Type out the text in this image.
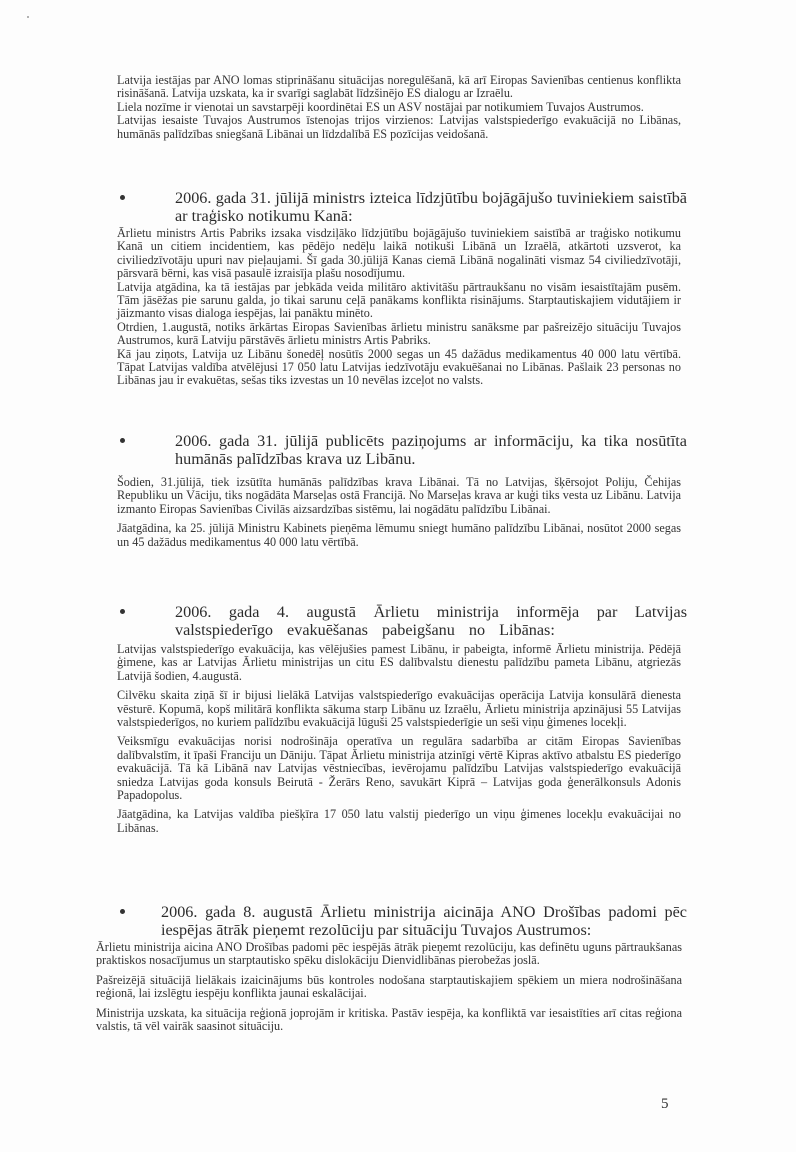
Latvija iestājas par ANO lomas stiprināšanu situācijas noregulēšanā, kā arī Eiropas Savienības centienus konflikta risināšanā. Latvija uzskata, ka ir svarīgi saglabāt līdzšinējo ES dialogu ar Izraēlu.

Liela nozīme ir vienotai un savstarpēji koordinētai ES un ASV nostājai par notikumiem Tuvajos Austrumos.

Latvijas iesaiste Tuvajos Austrumos īstenojas trijos virzienos: Latvijas valstspiederīgo evakuācijā no Libānas, humānās palīdzības sniegšanā Libānai un līdzdalībā ES pozīcijas veidošanā.

2006. gada 31. jūlijā ministrs izteica līdzjūtību bojāgājušo tuviniekiem saistībā ar traģisko notikumu Kanā:

Ārlietu ministrs Artis Pabriks izsaka visdziļāko līdzjūtību bojāgājušo tuviniekiem saistībā ar traģisko notikumu Kanā un citiem incidentiem, kas pēdējo nedēļu laikā notikuši Libānā un Izraēlā, atkārtoti uzsverot, ka civiliedzīvotāju upuri nav pieļaujami. Šī gada 30.jūlijā Kanas ciemā Libānā nogalināti vismaz 54 civiliedzīvotāji, pārsvarā bērni, kas visā pasaulē izraisīja plašu nosodījumu.

Latvija atgādina, ka tā iestājas par jebkāda veida militāro aktivitāšu pārtraukšanu no visām iesaistītajām pusēm. Tām jāsēžas pie sarunu galda, jo tikai sarunu ceļā panākams konflikta risinājums. Starptautiskajiem vidutājiem ir jāizmanto visas dialoga iespējas, lai panāktu minēto.

Otrdien, 1.augustā, notiks ārkārtas Eiropas Savienības ārlietu ministru sanāksme par pašreizējo situāciju Tuvajos Austrumos, kurā Latviju pārstāvēs ārlietu ministrs Artis Pabriks.

Kā jau ziņots, Latvija uz Libānu šonedēļ nosūtīs 2000 segas un 45 dažādus medikamentus 40 000 latu vērtībā. Tāpat Latvijas valdība atvēlējusi 17 050 latu Latvijas iedzīvotāju evakuēšanai no Libānas. Pašlaik 23 personas no Libānas jau ir evakuētas, sešas tiks izvestas un 10 nevēlas izceļot no valsts.

2006. gada 31. jūlijā publicēts paziņojums ar informāciju, ka tika nosūtīta humānās palīdzības krava uz Libānu.

Šodien, 31.jūlijā, tiek izsūtīta humānās palīdzības krava Libānai. Tā no Latvijas, šķērsojot Poliju, Čehijas Republiku un Vāciju, tiks nogādāta Marseļas ostā Francijā. No Marseļas krava ar kuģi tiks vesta uz Libānu. Latvija izmanto Eiropas Savienības Civilās aizsardzības sistēmu, lai nogādātu palīdzību Libānai.

Jāatgādina, ka 25. jūlijā Ministru Kabinets pieņēma lēmumu sniegt humāno palīdzību Libānai, nosūtot 2000 segas un 45 dažādus medikamentus 40 000 latu vērtībā.

2006. gada 4. augustā Ārlietu ministrija informēja par Latvijas valstspiederīgo evakuēšanas pabeigšanu no Libānas:

Latvijas valstspiederīgo evakuācija, kas vēlējušies pamest Libānu, ir pabeigta, informē Ārlietu ministrija. Pēdējā ģimene, kas ar Latvijas Ārlietu ministrijas un citu ES dalībvalstu dienestu palīdzību pameta Libānu, atgriezās Latvijā šodien, 4.augustā.

Cilvēku skaita ziņā šī ir bijusi lielākā Latvijas valstspiederīgo evakuācijas operācija Latvija konsulārā dienesta vēsturē. Kopumā, kopš militārā konflikta sākuma starp Libānu uz Izraēlu, Ārlietu ministrija apzinājusi 55 Latvijas valstspiederīgos, no kuriem palīdzību evakuācijā lūguši 25 valstspiederīgie un seši viņu ģimenes locekļi.

Veiksmīgu evakuācijas norisi nodrošināja operatīva un regulāra sadarbība ar citām Eiropas Savienības dalībvalstīm, it īpaši Franciju un Dāniju. Tāpat Ārlietu ministrija atzinīgi vērtē Kipras aktīvo atbalstu ES piederīgo evakuācijā. Tā kā Libānā nav Latvijas vēstniecības, ievērojamu palīdzību Latvijas valstspiederīgo evakuācijā sniedza Latvijas goda konsuls Beirutā - Žerārs Reno, savukārt Kiprā – Latvijas goda ģenerālkonsuls Adonis Papadopolus.

Jāatgādina, ka Latvijas valdība piešķīra 17 050 latu valstij piederīgo un viņu ģimenes locekļu evakuācijai no Libānas.

2006. gada 8. augustā Ārlietu ministrija aicināja ANO Drošības padomi pēc iespējas ātrāk pieņemt rezolūciju par situāciju Tuvajos Austrumos:

Ārlietu ministrija aicina ANO Drošības padomi pēc iespējās ātrāk pieņemt rezolūciju, kas definētu uguns pārtraukšanas praktiskos nosacījumus un starptautisko spēku dislokāciju Dienvidlibānas pierobežas joslā.

Pašreizējā situācijā lielākais izaicinājums būs kontroles nodošana starptautiskajiem spēkiem un miera nodrošināšana reģionā, lai izslēgtu iespēju konflikta jaunai eskalācijai.

Ministrija uzskata, ka situācija reģionā joprojām ir kritiska. Pastāv iespēja, ka konfliktā var iesaistīties arī citas reģiona valstis, tā vēl vairāk saasinot situāciju.

5
